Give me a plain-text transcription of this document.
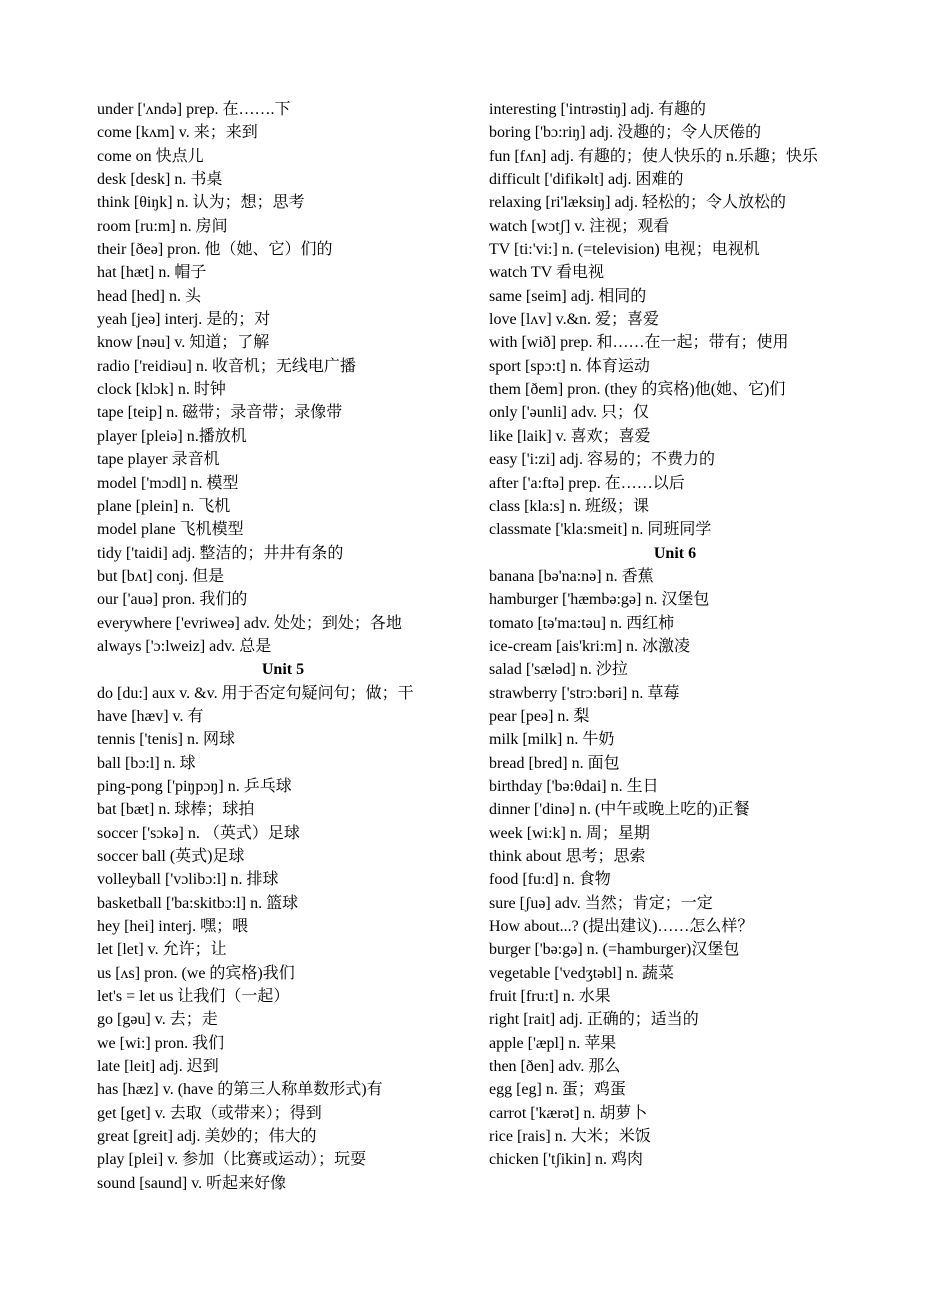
under ['ʌndə] prep. 在…….下
come [kʌm] v. 来；来到
come on 快点儿
desk [desk] n. 书桌
think [θiŋk] n. 认为；想；思考
room [ru:m] n. 房间
their [ðeə] pron. 他（她、它）们的
hat [hæt] n. 帽子
head [hed] n. 头
yeah [jeə] interj. 是的；对
know [nəu] v. 知道；了解
radio ['reidiəu] n. 收音机；无线电广播
clock [klɔk] n. 时钟
tape [teip] n. 磁带；录音带；录像带
player [pleiə] n.播放机
tape player 录音机
model ['mɔdl] n. 模型
plane [plein] n. 飞机
model plane 飞机模型
tidy ['taidi] adj. 整洁的；井井有条的
but [bʌt] conj. 但是
our ['auə] pron. 我们的
everywhere ['evriweə] adv. 处处；到处；各地
always ['ɔ:lweiz] adv. 总是
Unit 5
do [du:] aux v. &v. 用于否定句疑问句；做；干
have [hæv] v. 有
tennis ['tenis] n. 网球
ball [bɔ:l] n. 球
ping-pong ['piŋpɔŋ] n. 乒乓球
bat [bæt] n. 球棒；球拍
soccer ['sɔkə] n. （英式）足球
soccer ball (英式)足球
volleyball ['vɔlibɔ:l] n. 排球
basketball ['ba:skitbɔ:l] n. 篮球
hey [hei] interj. 嘿；喂
let [let] v. 允许；让
us [ʌs] pron. (we 的宾格)我们
let's = let us 让我们（一起）
go [gəu] v. 去；走
we [wi:] pron. 我们
late [leit] adj. 迟到
has [hæz] v. (have 的第三人称单数形式)有
get [get] v. 去取（或带来）；得到
great [greit] adj. 美妙的；伟大的
play [plei] v. 参加（比赛或运动）；玩耍
sound [saund] v. 听起来好像
interesting ['intrəstiŋ] adj. 有趣的
boring ['bɔ:riŋ] adj. 没趣的；令人厌倦的
fun [fʌn] adj. 有趣的；使人快乐的 n.乐趣；快乐
difficult ['difikəlt] adj. 困难的
relaxing [ri'læksiŋ] adj. 轻松的；令人放松的
watch [wɔtʃ] v. 注视；观看
TV [ti:'vi:] n. (=television) 电视；电视机
watch TV 看电视
same [seim] adj. 相同的
love [lʌv] v.&n. 爱；喜爱
with [wið] prep. 和……在一起；带有；使用
sport [spɔ:t] n. 体育运动
them [ðem] pron. (they 的宾格)他(她、它)们
only ['əunli] adv. 只；仅
like [laik] v. 喜欢；喜爱
easy ['i:zi] adj. 容易的；不费力的
after ['a:ftə] prep. 在……以后
class [kla:s] n. 班级；课
classmate ['kla:smeit] n. 同班同学
Unit 6
banana [bə'na:nə] n. 香蕉
hamburger ['hæmbə:gə] n. 汉堡包
tomato [tə'ma:təu] n. 西红柿
ice-cream [ais'kri:m] n. 冰激凌
salad ['sæləd] n. 沙拉
strawberry ['strɔ:bəri] n. 草莓
pear [peə] n. 梨
milk [milk] n. 牛奶
bread [bred] n. 面包
birthday ['bə:θdai] n. 生日
dinner ['dinə] n. (中午或晚上吃的)正餐
week [wi:k] n. 周；星期
think about 思考；思索
food [fu:d] n. 食物
sure [ʃuə] adv. 当然；肯定；一定
How about...? (提出建议)……怎么样？
burger ['bə:gə] n. (=hamburger)汉堡包
vegetable ['vedʒtəbl] n. 蔬菜
fruit [fru:t] n. 水果
right [rait] adj. 正确的；适当的
apple ['æpl] n. 苹果
then [ðen] adv. 那么
egg [eg] n. 蛋；鸡蛋
carrot ['kærət] n. 胡萝卜
rice [rais] n. 大米；米饭
chicken ['tʃikin] n. 鸡肉
